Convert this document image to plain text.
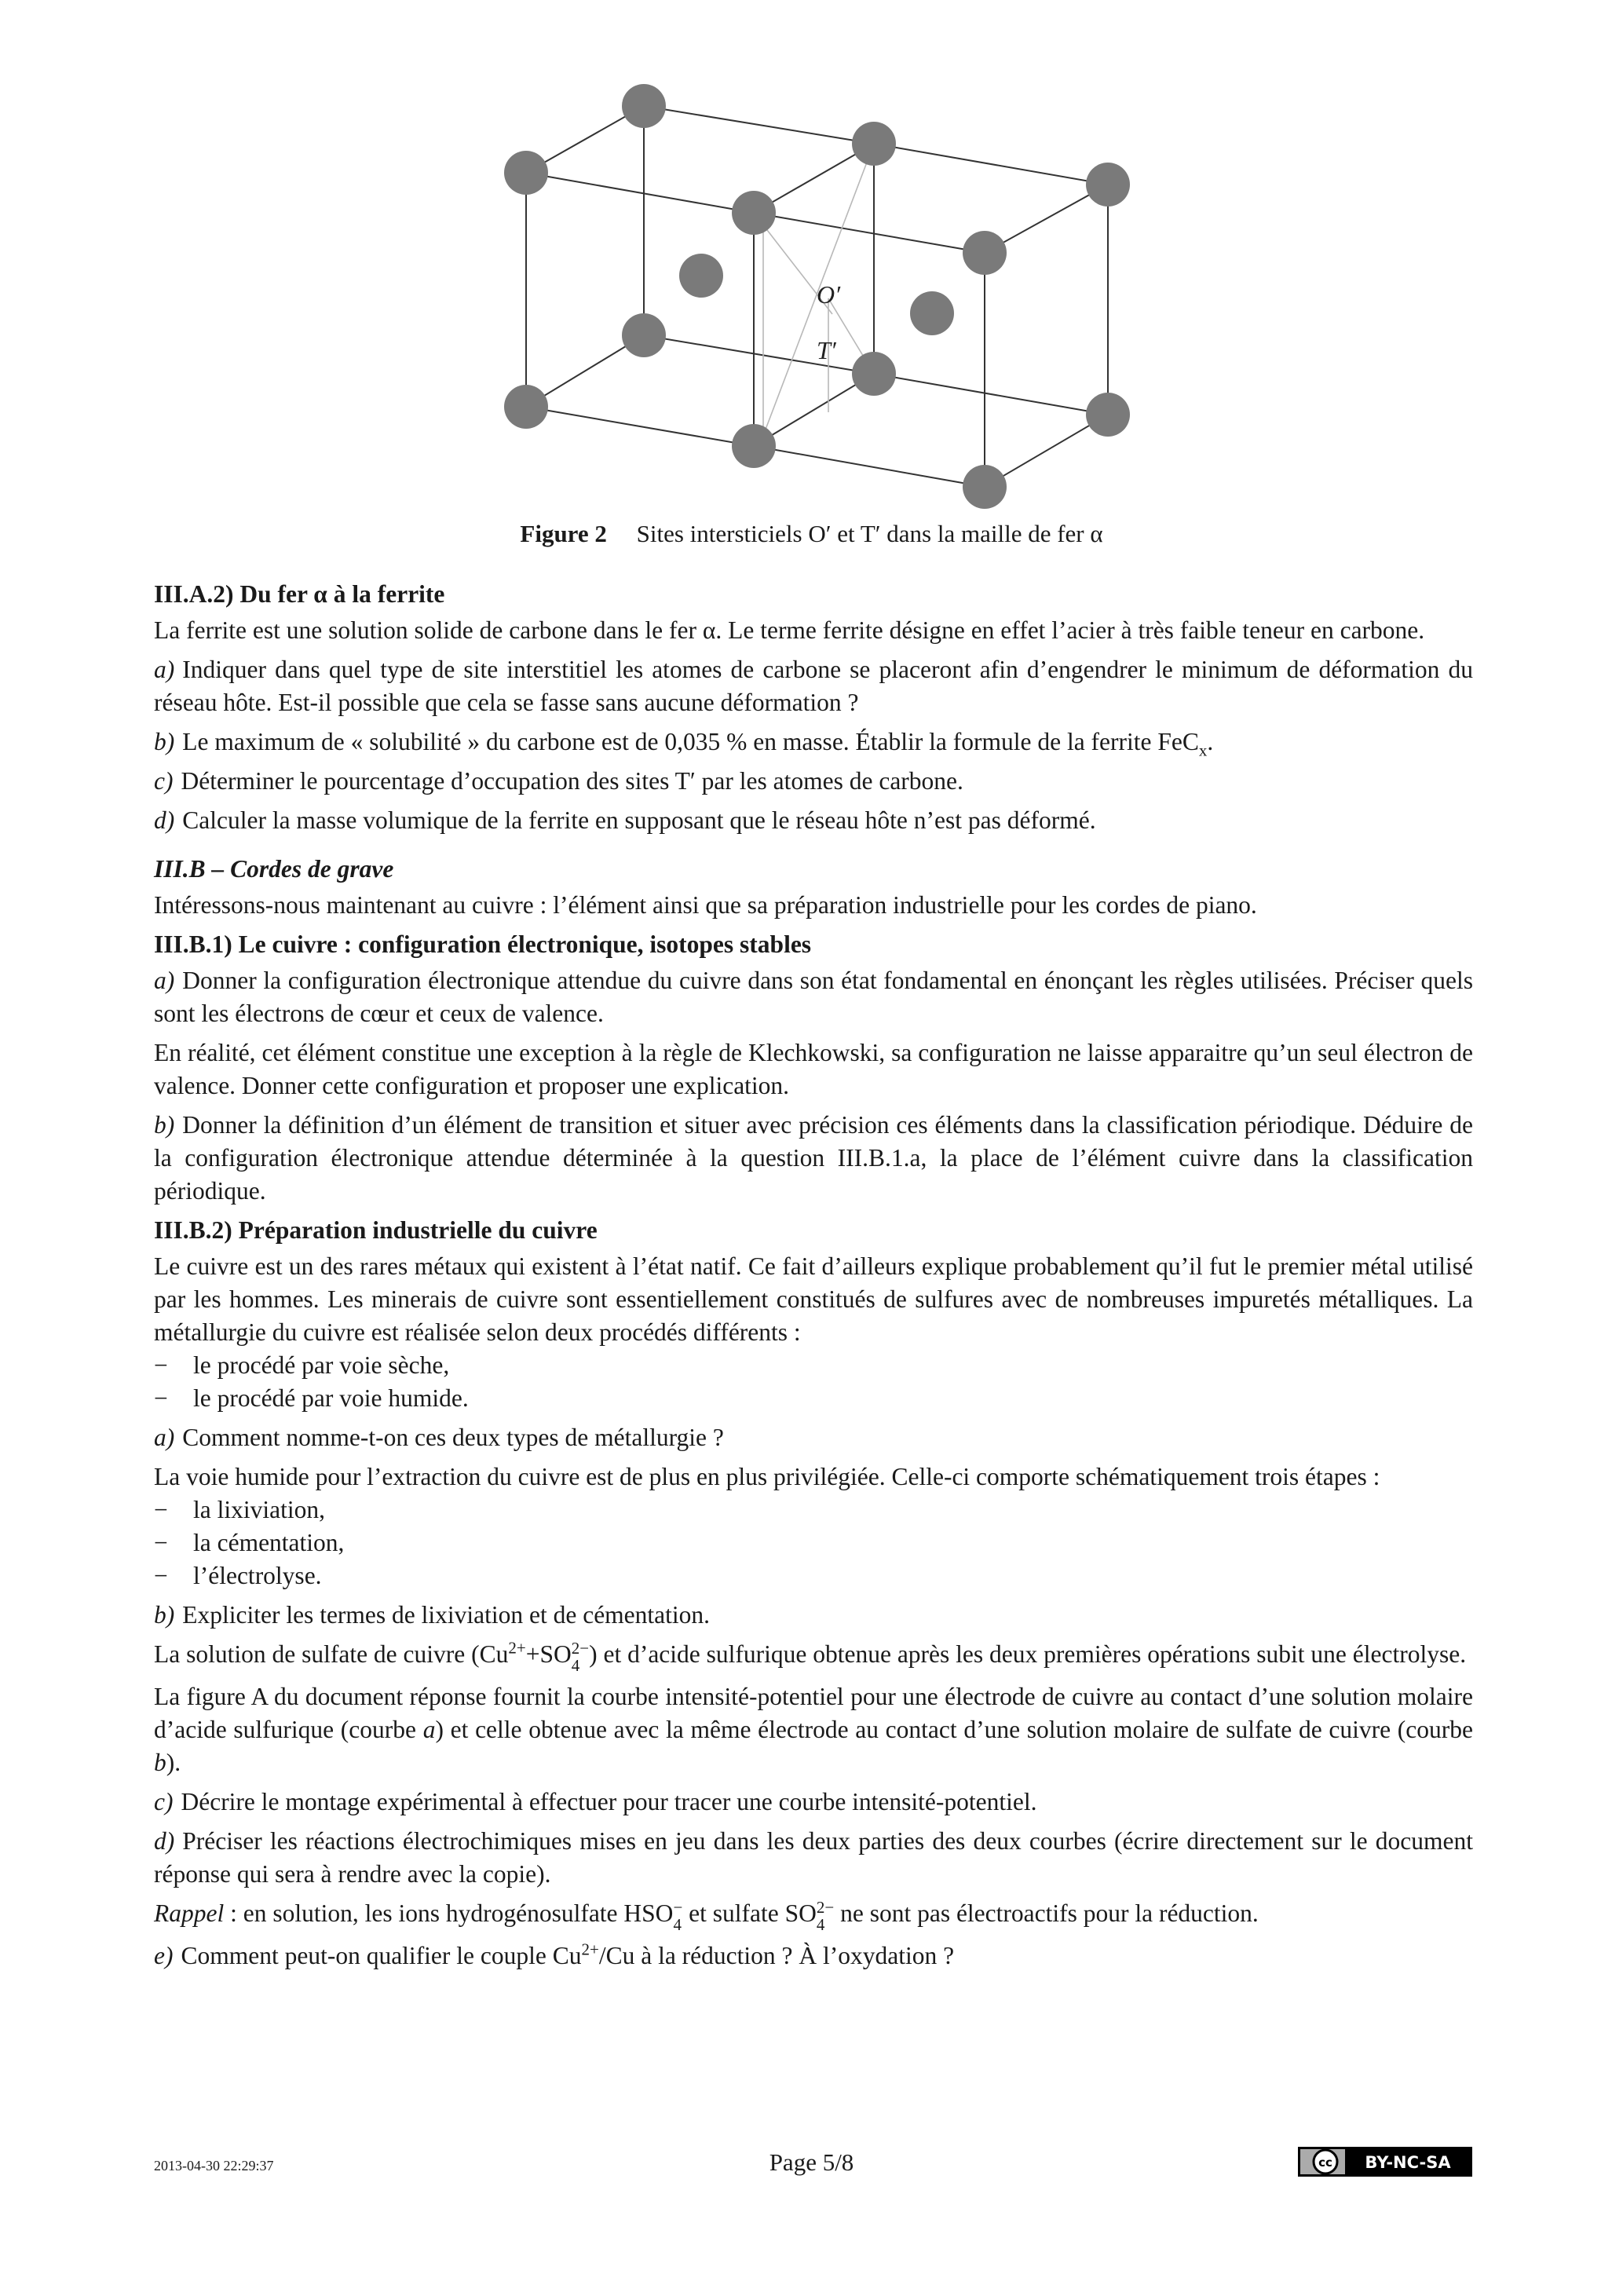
O′
T′
Figure 2 Sites intersticiels O′ et T′ dans la maille de fer α
III.A.2) Du fer α à la ferrite

La ferrite est une solution solide de carbone dans le fer α. Le terme ferrite désigne en effet l’acier à très faible teneur en carbone.

a) Indiquer dans quel type de site interstitiel les atomes de carbone se placeront afin d’engendrer le minimum de déformation du réseau hôte. Est-il possible que cela se fasse sans aucune déformation ?

b) Le maximum de « solubilité » du carbone est de 0,035 % en masse. Établir la formule de la ferrite FeC$_x$.

c) Déterminer le pourcentage d’occupation des sites T′ par les atomes de carbone.

d) Calculer la masse volumique de la ferrite en supposant que le réseau hôte n’est pas déformé.

III.B – Cordes de grave

Intéressons-nous maintenant au cuivre : l’élément ainsi que sa préparation industrielle pour les cordes de piano.

III.B.1) Le cuivre : configuration électronique, isotopes stables

a) Donner la configuration électronique attendue du cuivre dans son état fondamental en énonçant les règles utilisées. Préciser quels sont les électrons de cœur et ceux de valence.

En réalité, cet élément constitue une exception à la règle de Klechkowski, sa configuration ne laisse apparaitre qu’un seul électron de valence. Donner cette configuration et proposer une explication.

b) Donner la définition d’un élément de transition et situer avec précision ces éléments dans la classification périodique. Déduire de la configuration électronique attendue déterminée à la question III.B.1.a, la place de l’élément cuivre dans la classification périodique.

III.B.2) Préparation industrielle du cuivre

Le cuivre est un des rares métaux qui existent à l’état natif. Ce fait d’ailleurs explique probablement qu’il fut le premier métal utilisé par les hommes. Les minerais de cuivre sont essentiellement constitués de sulfures avec de nombreuses impuretés métalliques. La métallurgie du cuivre est réalisée selon deux procédés différents :

− le procédé par voie sèche,
− le procédé par voie humide.

a) Comment nomme-t-on ces deux types de métallurgie ?

La voie humide pour l’extraction du cuivre est de plus en plus privilégiée. Celle-ci comporte schématiquement trois étapes :

− la lixiviation,
− la cémentation,
− l’électrolyse.

b) Expliciter les termes de lixiviation et de cémentation.

La solution de sulfate de cuivre ($Cu^{2+}+SO$ 2−
4 ) et d’acide sulfurique obtenue après les deux premières opérations subit une électrolyse.

La figure A du document réponse fournit la courbe intensité-potentiel pour une électrode de cuivre au contact d’une solution molaire d’acide sulfurique (courbe a) et celle obtenue avec la même électrode au contact d’une solution molaire de sulfate de cuivre (courbe b).

c) Décrire le montage expérimental à effectuer pour tracer une courbe intensité-potentiel.

d) Préciser les réactions électrochimiques mises en jeu dans les deux parties des deux courbes (écrire directement sur le document réponse qui sera à rendre avec la copie).

Rappel : en solution, les ions hydrogénosulfate HSO −
4 et sulfate SO 2−
4 ne sont pas électroactifs pour la réduction.

e) Comment peut-on qualifier le couple $Cu^{2+}/Cu$ à la réduction ? À l’oxydation ?

2013-04-30 22:29:37	Page 5/8	cc BY-NC-SA
